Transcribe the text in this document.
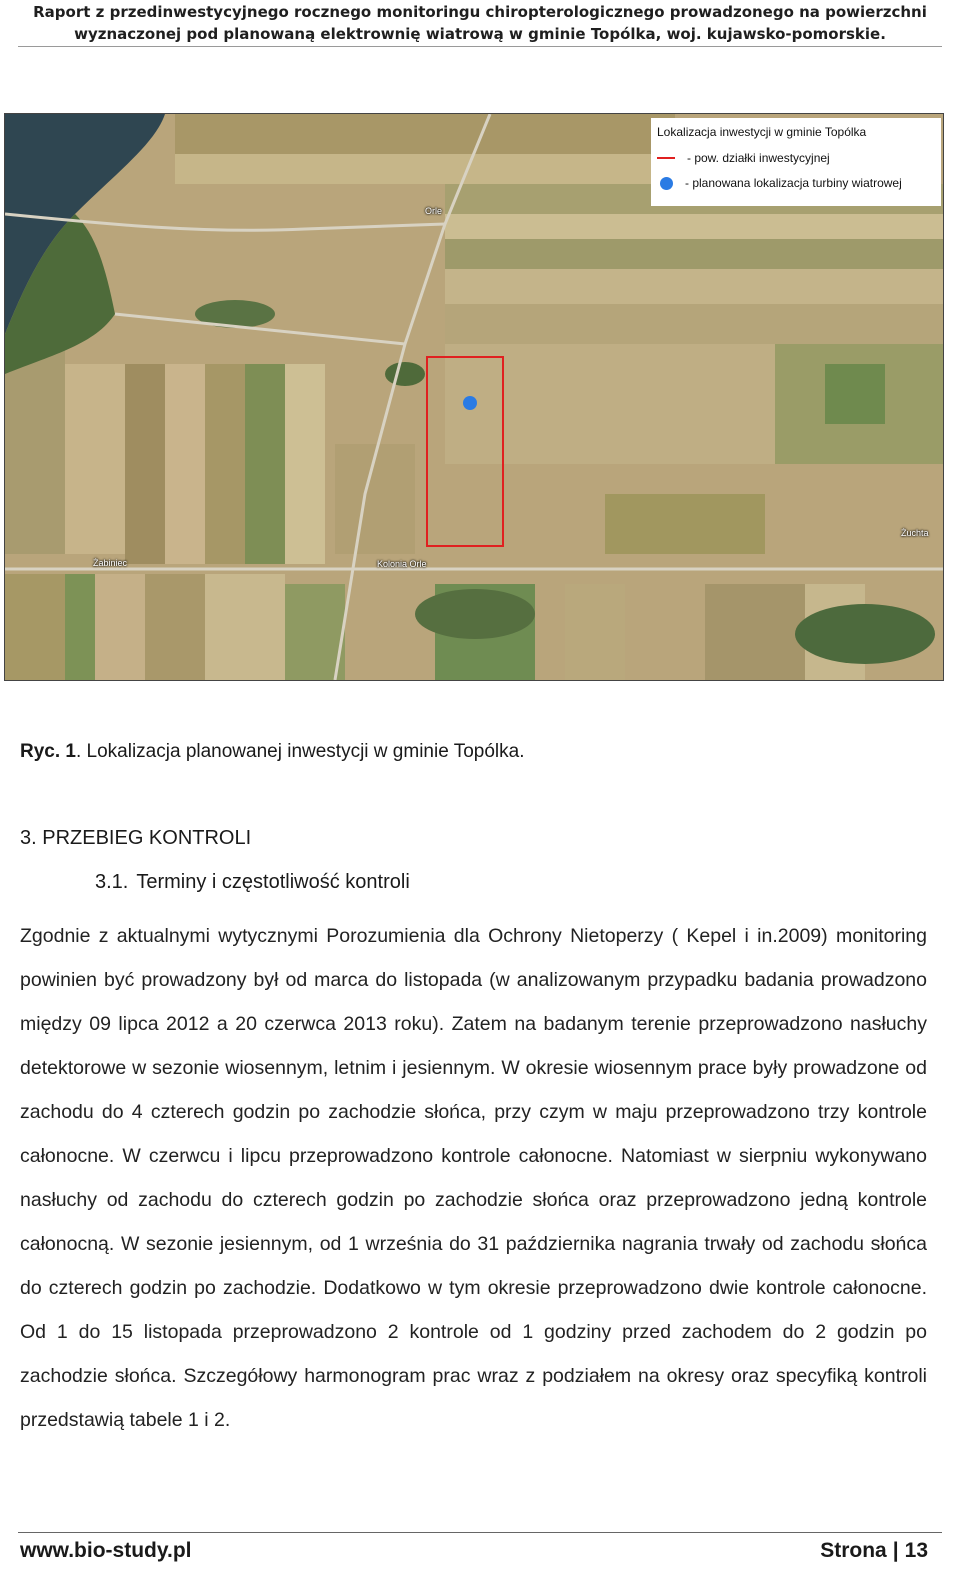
Raport z przedinwestycyjnego rocznego monitoringu chiropterologicznego prowadzonego na powierzchni
wyznaczonej pod planowaną elektrownię wiatrową w gminie Topólka, woj. kujawsko-pomorskie.
Orle
Żabiniec	Kolonia Orle
Żuchta
Lokalizacja inwestycji w gminie Topólka
- pow. działki inwestycyjnej
- planowana lokalizacja turbiny wiatrowej
Ryc. 1. Lokalizacja planowanej inwestycji w gminie Topólka.
3. PRZEBIEG KONTROLI
3.1. Terminy i częstotliwość kontroli

Zgodnie z aktualnymi wytycznymi Porozumienia dla Ochrony Nietoperzy ( Kepel i in.2009) monitoring powinien być prowadzony był od marca do listopada (w analizowanym przypadku badania prowadzono między 09 lipca 2012 a 20 czerwca 2013 roku). Zatem na badanym terenie przeprowadzono nasłuchy detektorowe w sezonie wiosennym, letnim i jesiennym. W okresie wiosennym prace były prowadzone od zachodu do 4 czterech godzin po zachodzie słońca, przy czym w maju przeprowadzono trzy kontrole całonocne. W czerwcu i lipcu przeprowadzono kontrole całonocne. Natomiast w sierpniu wykonywano nasłuchy od zachodu do czterech godzin po zachodzie słońca oraz przeprowadzono jedną kontrole całonocną. W sezonie jesiennym, od 1 września do 31 października nagrania trwały od zachodu słońca do czterech godzin po zachodzie. Dodatkowo w tym okresie przeprowadzono dwie kontrole całonocne. Od 1 do 15 listopada przeprowadzono 2 kontrole od 1 godziny przed zachodem do 2 godzin po zachodzie słońca. Szczegółowy harmonogram prac wraz z podziałem na okresy oraz specyfiką kontroli przedstawią tabele 1 i 2.

www.bio-study.pl	Strona | 13
